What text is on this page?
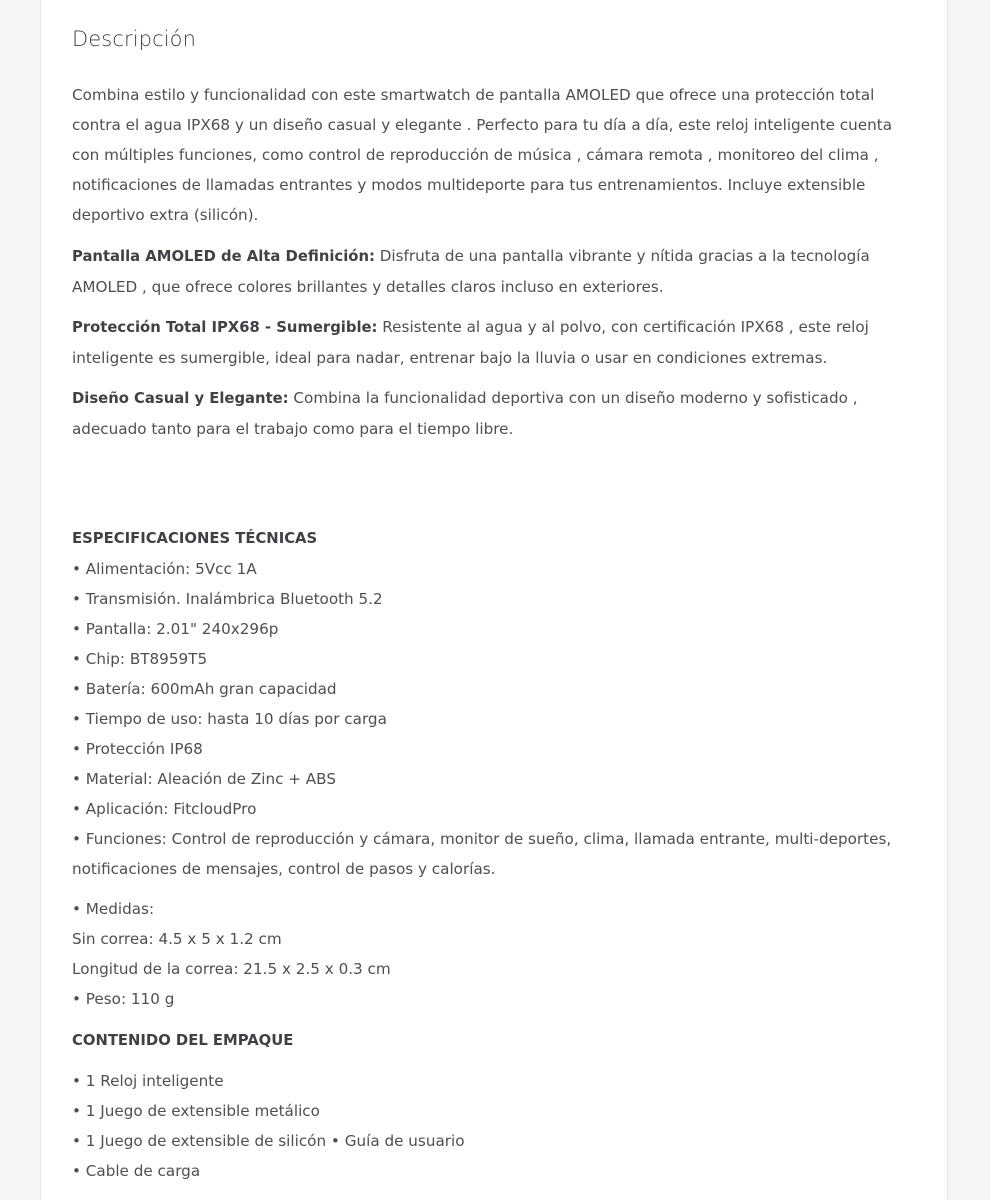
Descripción

Combina estilo y funcionalidad con este smartwatch de pantalla AMOLED que ofrece una protección total contra el agua IPX68 y un diseño casual y elegante . Perfecto para tu día a día, este reloj inteligente cuenta con múltiples funciones, como control de reproducción de música , cámara remota , monitoreo del clima , notificaciones de llamadas entrantes y modos multideporte para tus entrenamientos. Incluye extensible deportivo extra (silicón).

Pantalla AMOLED de Alta Definición: Disfruta de una pantalla vibrante y nítida gracias a la tecnología AMOLED , que ofrece colores brillantes y detalles claros incluso en exteriores.

Protección Total IPX68 - Sumergible: Resistente al agua y al polvo, con certificación IPX68 , este reloj inteligente es sumergible, ideal para nadar, entrenar bajo la lluvia o usar en condiciones extremas.

Diseño Casual y Elegante: Combina la funcionalidad deportiva con un diseño moderno y sofisticado , adecuado tanto para el trabajo como para el tiempo libre.

ESPECIFICACIONES TÉCNICAS
• Alimentación: 5Vcc 1A
• Transmisión. Inalámbrica Bluetooth 5.2
• Pantalla: 2.01" 240x296p
• Chip: BT8959T5
• Batería: 600mAh gran capacidad
• Tiempo de uso: hasta 10 días por carga
• Protección IP68
• Material: Aleación de Zinc + ABS
• Aplicación: FitcloudPro
• Funciones: Control de reproducción y cámara, monitor de sueño, clima, llamada entrante, multi-deportes, notificaciones de mensajes, control de pasos y calorías.

• Medidas:
Sin correa: 4.5 x 5 x 1.2 cm
Longitud de la correa: 21.5 x 2.5 x 0.3 cm
• Peso: 110 g

CONTENIDO DEL EMPAQUE

• 1 Reloj inteligente
• 1 Juego de extensible metálico
• 1 Juego de extensible de silicón • Guía de usuario
• Cable de carga
